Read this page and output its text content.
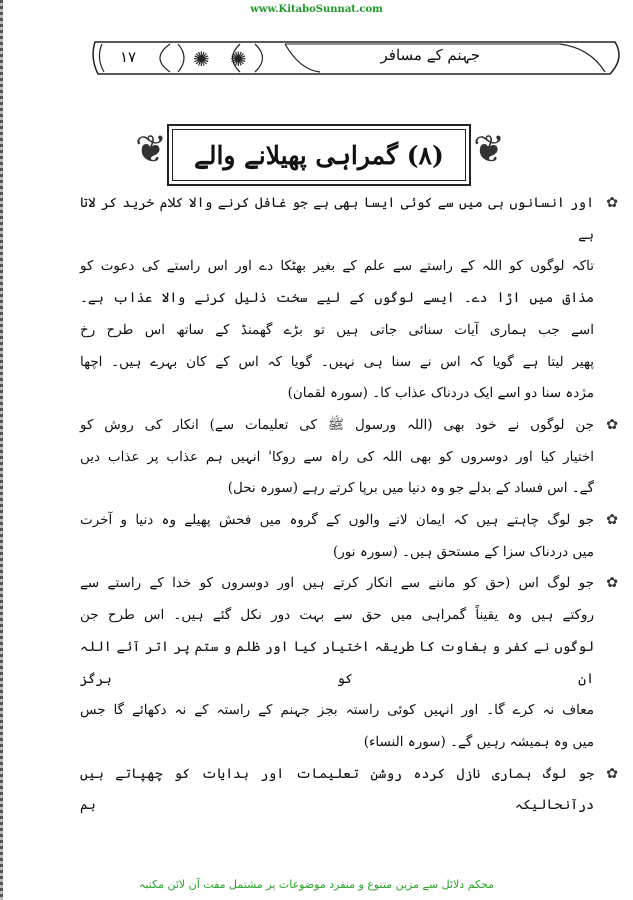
www.KitaboSunnat.com
✺ ✺
۱۷	جہنم کے مسافر
❦ (۸) گمراہی پھیلانے والے ❦
✿
اور انسانوں ہی میں سے کوئی ایسا بھی ہے جو غافل کرنے والا کلام خرید کر لاتا ہے
تاکہ لوگوں کو اللہ کے راستے سے علم کے بغیر بھٹکا دے اور اس راستے کی دعوت کو
مذاق میں اڑا دے۔ ایسے لوگوں کے لیے سخت ذلیل کرنے والا عذاب ہے۔
اسے جب ہماری آیات سنائی جاتی ہیں تو بڑے گھمنڈ کے ساتھ اس طرح رخ
پھیر لیتا ہے گویا کہ اس نے سنا ہی نہیں۔ گویا کہ اس کے کان بہرے ہیں۔ اچھا
مژدہ سنا دو اسے ایک دردناک عذاب کا۔ (سورہ لقمان)
✿
جن لوگوں نے خود بھی (اللہ ورسول ﷺ کی تعلیمات سے) انکار کی روش کو
اختیار کیا اور دوسروں کو بھی اللہ کی راہ سے روکا' انہیں ہم عذاب پر عذاب دیں
گے۔ اس فساد کے بدلے جو وہ دنیا میں برپا کرتے رہے (سورہ نحل)
✿
جو لوگ چاہتے ہیں کہ ایمان لانے والوں کے گروہ میں فحش پھیلے وہ دنیا و آخرت
میں دردناک سزا کے مستحق ہیں۔ (سورہ نور)
✿
جو لوگ اس (حق کو ماننے سے انکار کرتے ہیں اور دوسروں کو خدا کے راستے سے
روکتے ہیں وہ یقیناً گمراہی میں حق سے بہت دور نکل گئے ہیں۔ اس طرح جن
لوگوں نے کفر و بغاوت کا طریقہ اختیار کیا اور ظلم و ستم پر اتر آئے اللہ ان کو ہرگز
معاف نہ کرے گا۔ اور انہیں کوئی راستہ بجز جہنم کے راستہ کے نہ دکھائے گا جس
میں وہ ہمیشہ رہیں گے۔ (سورہ النساء)
✿
جو لوگ ہماری نازل کردہ روشن تعلیمات اور ہدایات کو چھپاتے ہیں درآنحالیکہ ہم
محکم دلائل سے مزین متنوع و منفرد موضوعات پر مشتمل مفت آن لائن مکتبہ
